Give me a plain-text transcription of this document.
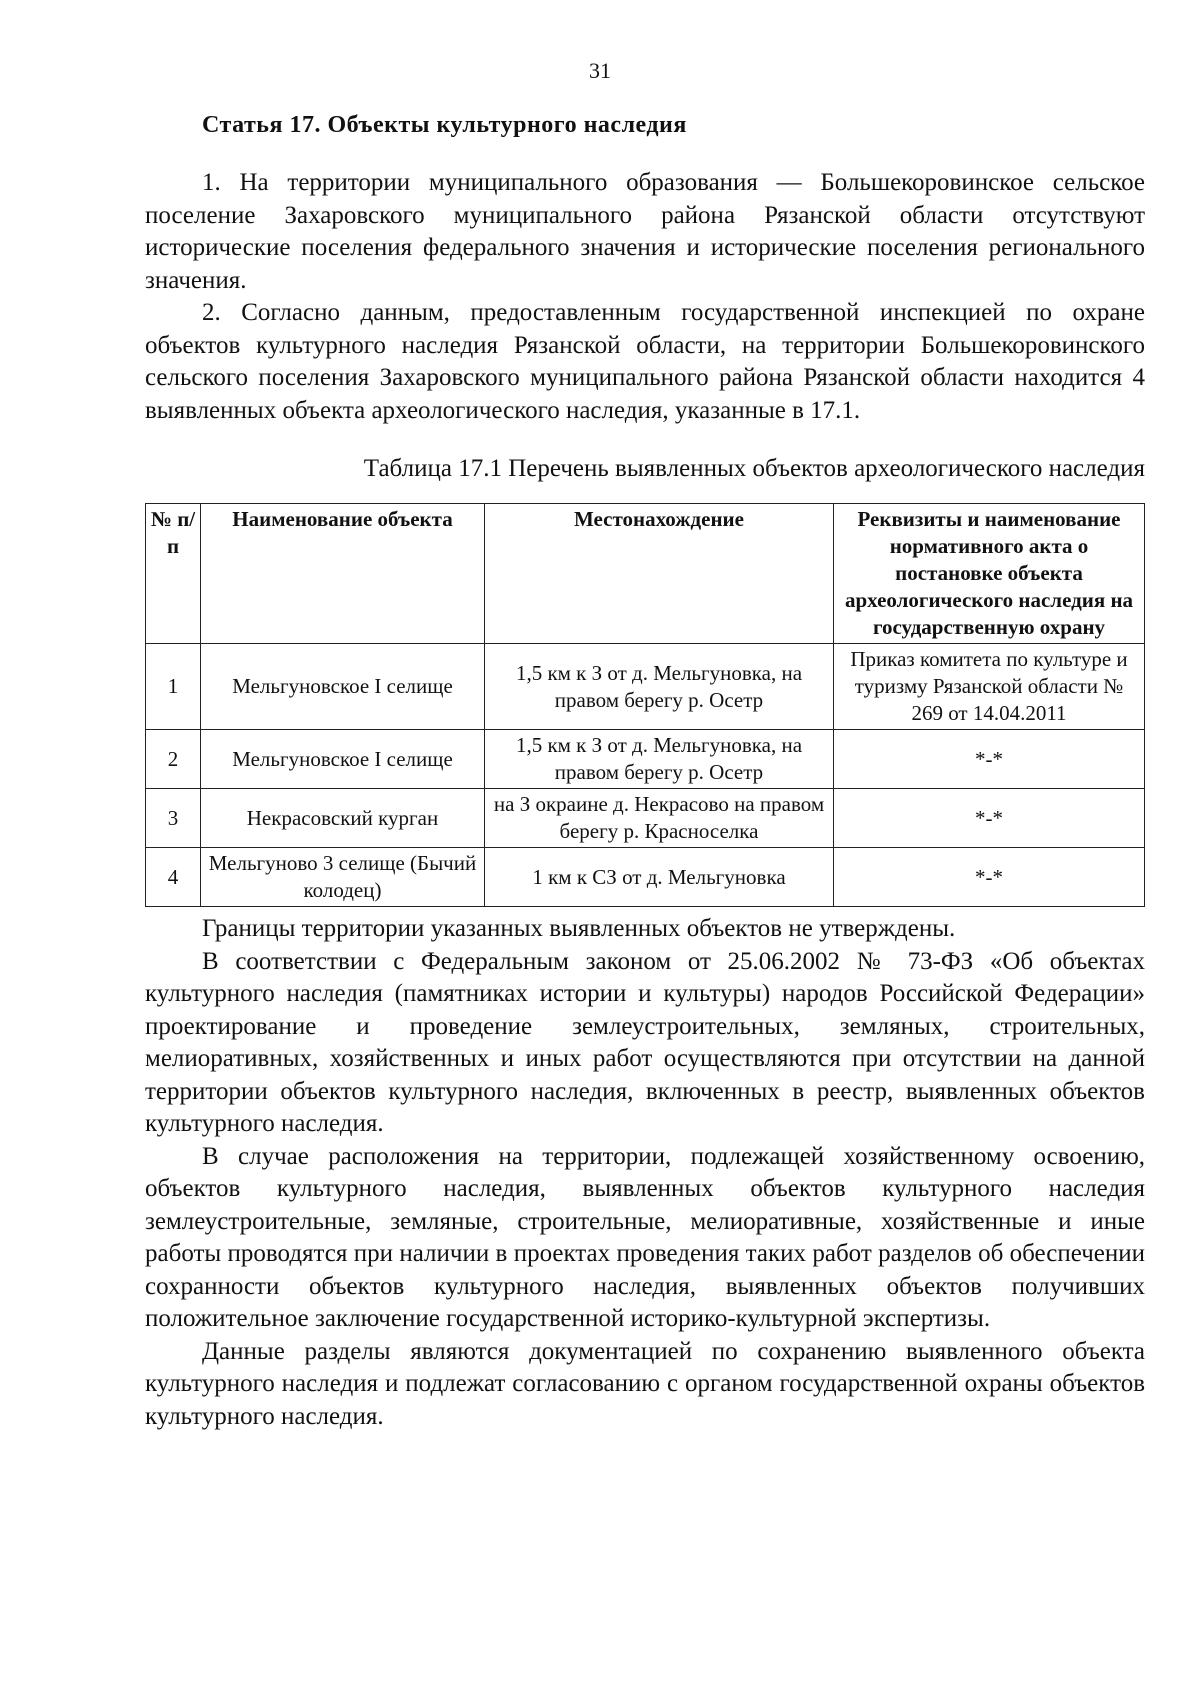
31
Статья 17. Объекты культурного наследия

1. На территории муниципального образования — Большекоровинское сельское поселение Захаровского муниципального района Рязанской области отсутствуют исторические поселения федерального значения и исторические поселения регионального значения.

2. Согласно данным, предоставленным государственной инспекцией по охране объектов культурного наследия Рязанской области, на территории Большекоровинского сельского поселения Захаровского муниципального района Рязанской области находится 4 выявленных объекта археологического наследия, указанные в 17.1.

Таблица 17.1 Перечень выявленных объектов археологического наследия
№ п/п	Наименование объекта	Местонахождение	Реквизиты и наименование нормативного акта о постановке объекта археологического наследия на государственную охрану
1	Мельгуновское I селище	1,5 км к З от д. Мельгуновка, на правом берегу р. Осетр	Приказ комитета по культуре и туризму Рязанской области № 269 от 14.04.2011
2	Мельгуновское I селище	1,5 км к З от д. Мельгуновка, на правом берегу р. Осетр	*-*
3	Некрасовский курган	на З окраине д. Некрасово на правом берегу р. Красноселка	*-*
4	Мельгуново 3 селище (Бычий колодец)	1 км к СЗ от д. Мельгуновка	*-*

Границы территории указанных выявленных объектов не утверждены.

В соответствии с Федеральным законом от 25.06.2002 № 73-ФЗ «Об объектах культурного наследия (памятниках истории и культуры) народов Российской Федерации» проектирование и проведение землеустроительных, земляных, строительных, мелиоративных, хозяйственных и иных работ осуществляются при отсутствии на данной территории объектов культурного наследия, включенных в реестр, выявленных объектов культурного наследия.

В случае расположения на территории, подлежащей хозяйственному освоению, объектов культурного наследия, выявленных объектов культурного наследия землеустроительные, земляные, строительные, мелиоративные, хозяйственные и иные работы проводятся при наличии в проектах проведения таких работ разделов об обеспечении сохранности объектов культурного наследия, выявленных объектов получивших положительное заключение государственной историко-культурной экспертизы.

Данные разделы являются документацией по сохранению выявленного объекта культурного наследия и подлежат согласованию с органом государственной охраны объектов культурного наследия.
